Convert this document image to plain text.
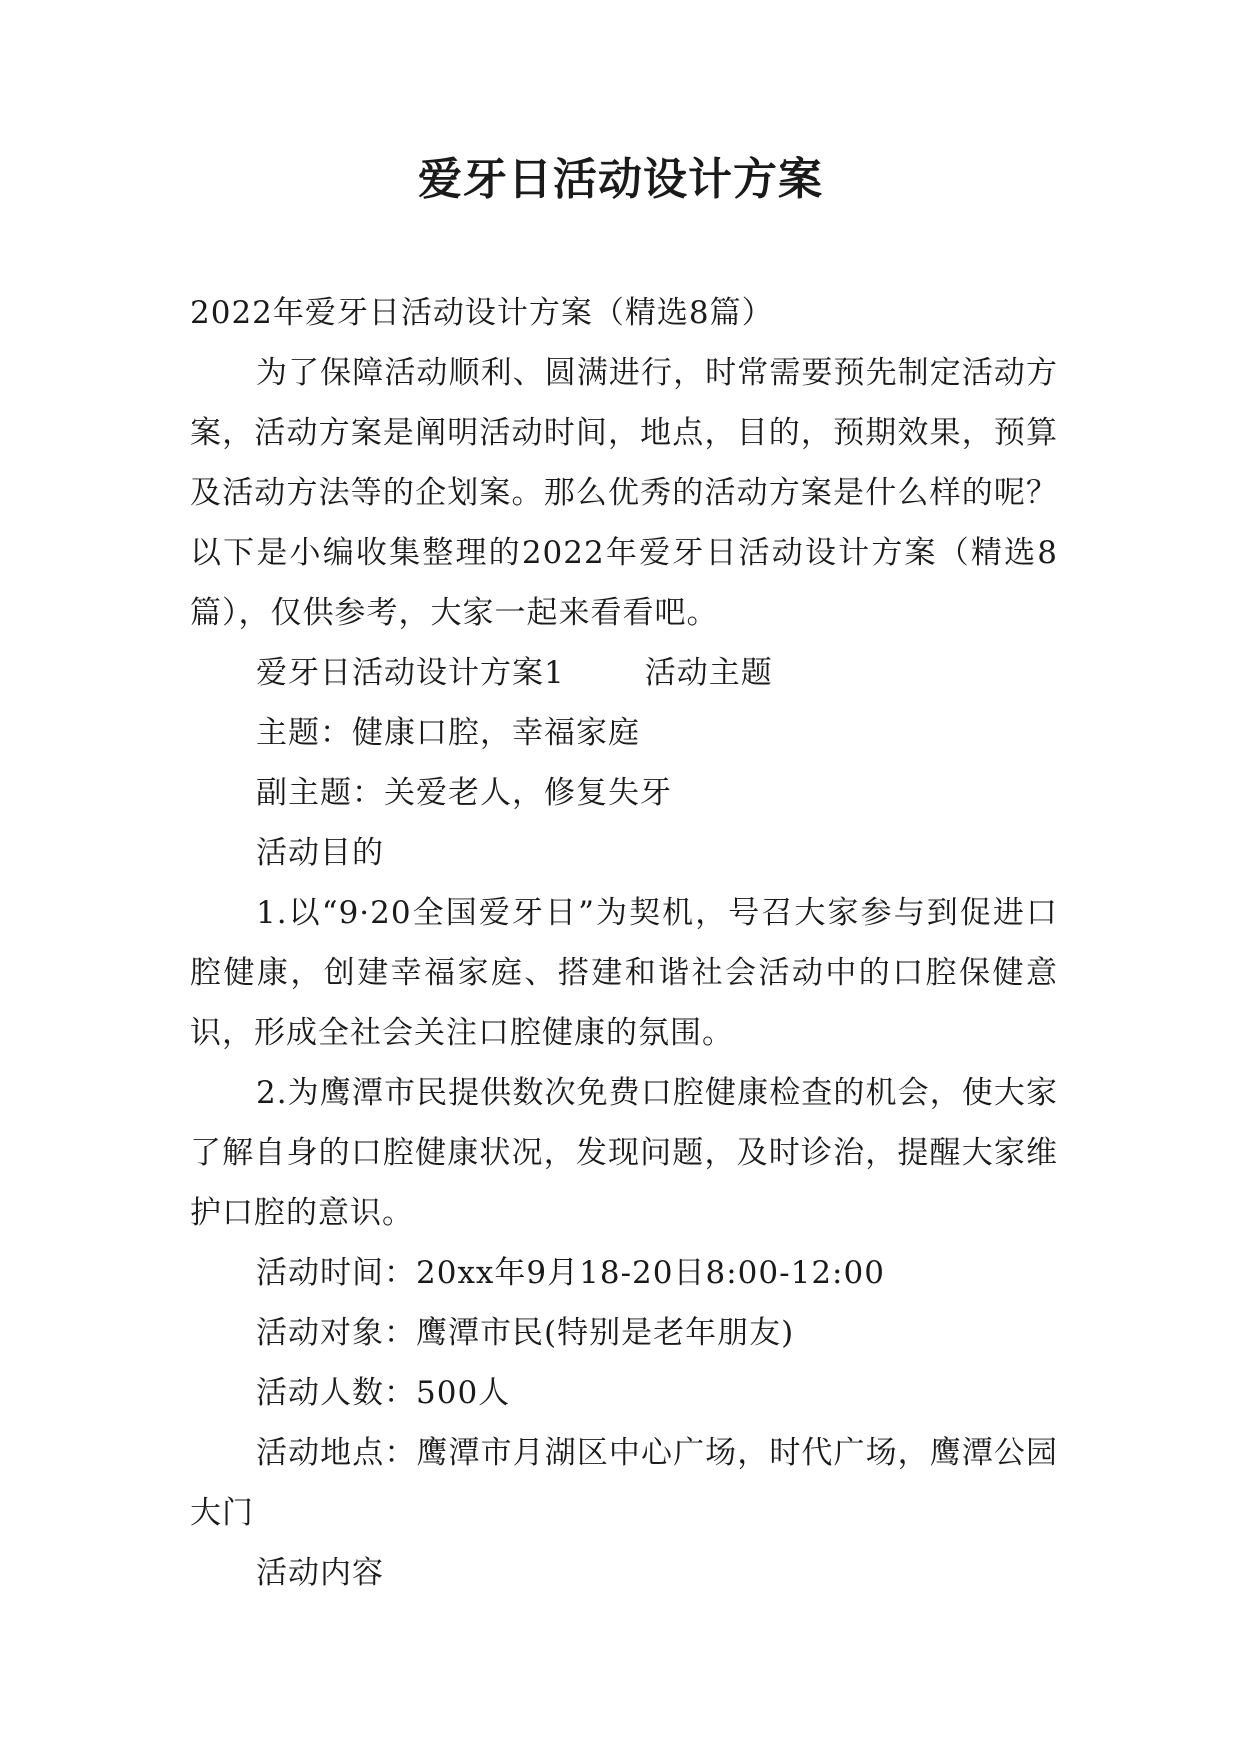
爱牙日活动设计方案

2022年爱牙日活动设计方案（精选8篇）

为了保障活动顺利、圆满进行，时常需要预先制定活动方案，活动方案是阐明活动时间，地点，目的，预期效果，预算及活动方法等的企划案。那么优秀的活动方案是什么样的呢？以下是小编收集整理的2022年爱牙日活动设计方案（精选8篇），仅供参考，大家一起来看看吧。

爱牙日活动设计方案1	活动主题

主题：健康口腔，幸福家庭

副主题：关爱老人，修复失牙

活动目的

1.以“9·20全国爱牙日”为契机，号召大家参与到促进口腔健康，创建幸福家庭、搭建和谐社会活动中的口腔保健意识，形成全社会关注口腔健康的氛围。

2.为鹰潭市民提供数次免费口腔健康检查的机会，使大家了解自身的口腔健康状况，发现问题，及时诊治，提醒大家维护口腔的意识。

活动时间：20xx年9月18-20日8:00-12:00

活动对象：鹰潭市民(特别是老年朋友)

活动人数：500人

活动地点：鹰潭市月湖区中心广场，时代广场，鹰潭公园大门

活动内容
